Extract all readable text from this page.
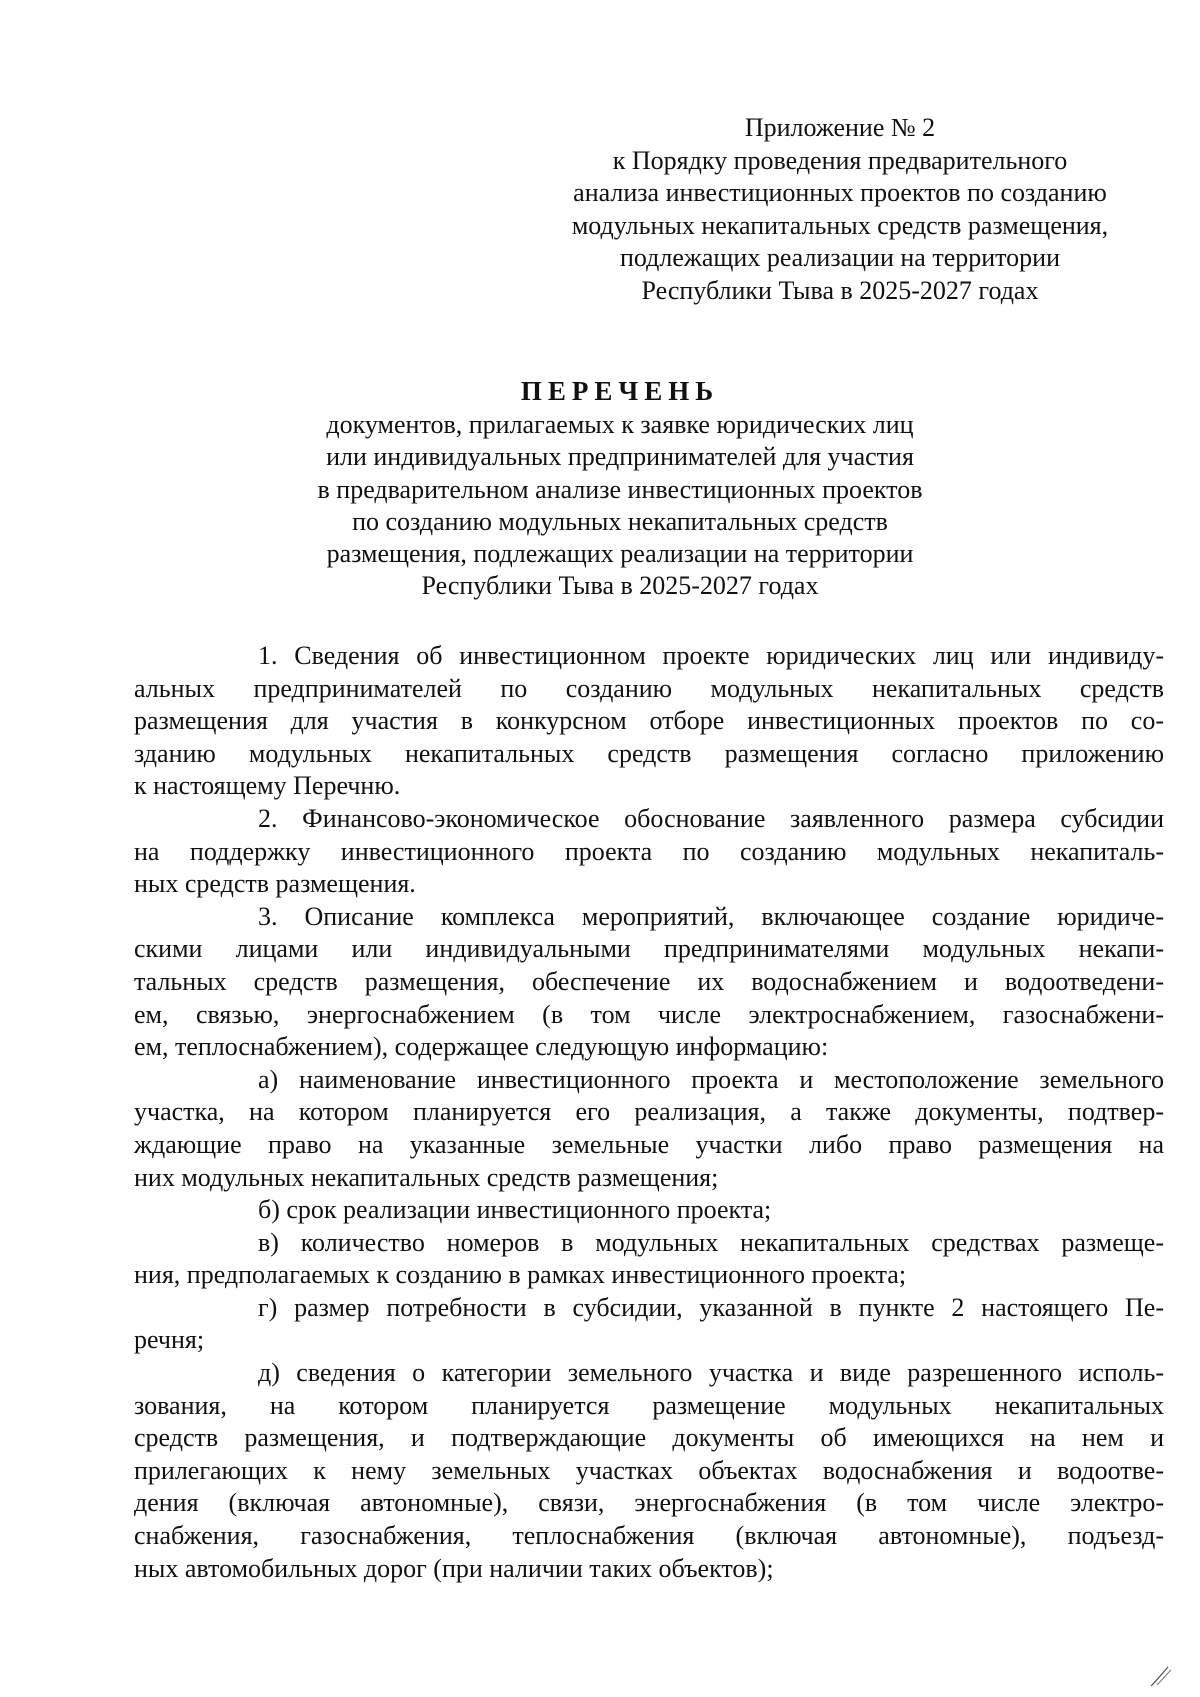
Приложение № 2
к Порядку проведения предварительного
анализа инвестиционных проектов по созданию
модульных некапитальных средств размещения,
подлежащих реализации на территории
Республики Тыва в 2025-2027 годах
ПЕРЕЧЕНЬ
документов, прилагаемых к заявке юридических лиц
или индивидуальных предпринимателей для участия
в предварительном анализе инвестиционных проектов
по созданию модульных некапитальных средств
размещения, подлежащих реализации на территории
Республики Тыва в 2025-2027 годах
1. Сведения об инвестиционном проекте юридических лиц или индивиду-
альных предпринимателей по созданию модульных некапитальных средств
размещения для участия в конкурсном отборе инвестиционных проектов по со-
зданию модульных некапитальных средств размещения согласно приложению
к настоящему Перечню.
2. Финансово-экономическое обоснование заявленного размера субсидии
на поддержку инвестиционного проекта по созданию модульных некапиталь-
ных средств размещения.
3. Описание комплекса мероприятий, включающее создание юридиче-
скими лицами или индивидуальными предпринимателями модульных некапи-
тальных средств размещения, обеспечение их водоснабжением и водоотведени-
ем, связью, энергоснабжением (в том числе электроснабжением, газоснабжени-
ем, теплоснабжением), содержащее следующую информацию:
а) наименование инвестиционного проекта и местоположение земельного
участка, на котором планируется его реализация, а также документы, подтвер-
ждающие право на указанные земельные участки либо право размещения на
них модульных некапитальных средств размещения;
б) срок реализации инвестиционного проекта;
в) количество номеров в модульных некапитальных средствах размеще-
ния, предполагаемых к созданию в рамках инвестиционного проекта;
г) размер потребности в субсидии, указанной в пункте 2 настоящего Пе-
речня;
д) сведения о категории земельного участка и виде разрешенного исполь-
зования, на котором планируется размещение модульных некапитальных
средств размещения, и подтверждающие документы об имеющихся на нем и
прилегающих к нему земельных участках объектах водоснабжения и водоотве-
дения (включая автономные), связи, энергоснабжения (в том числе электро-
снабжения, газоснабжения, теплоснабжения (включая автономные), подъезд-
ных автомобильных дорог (при наличии таких объектов);
